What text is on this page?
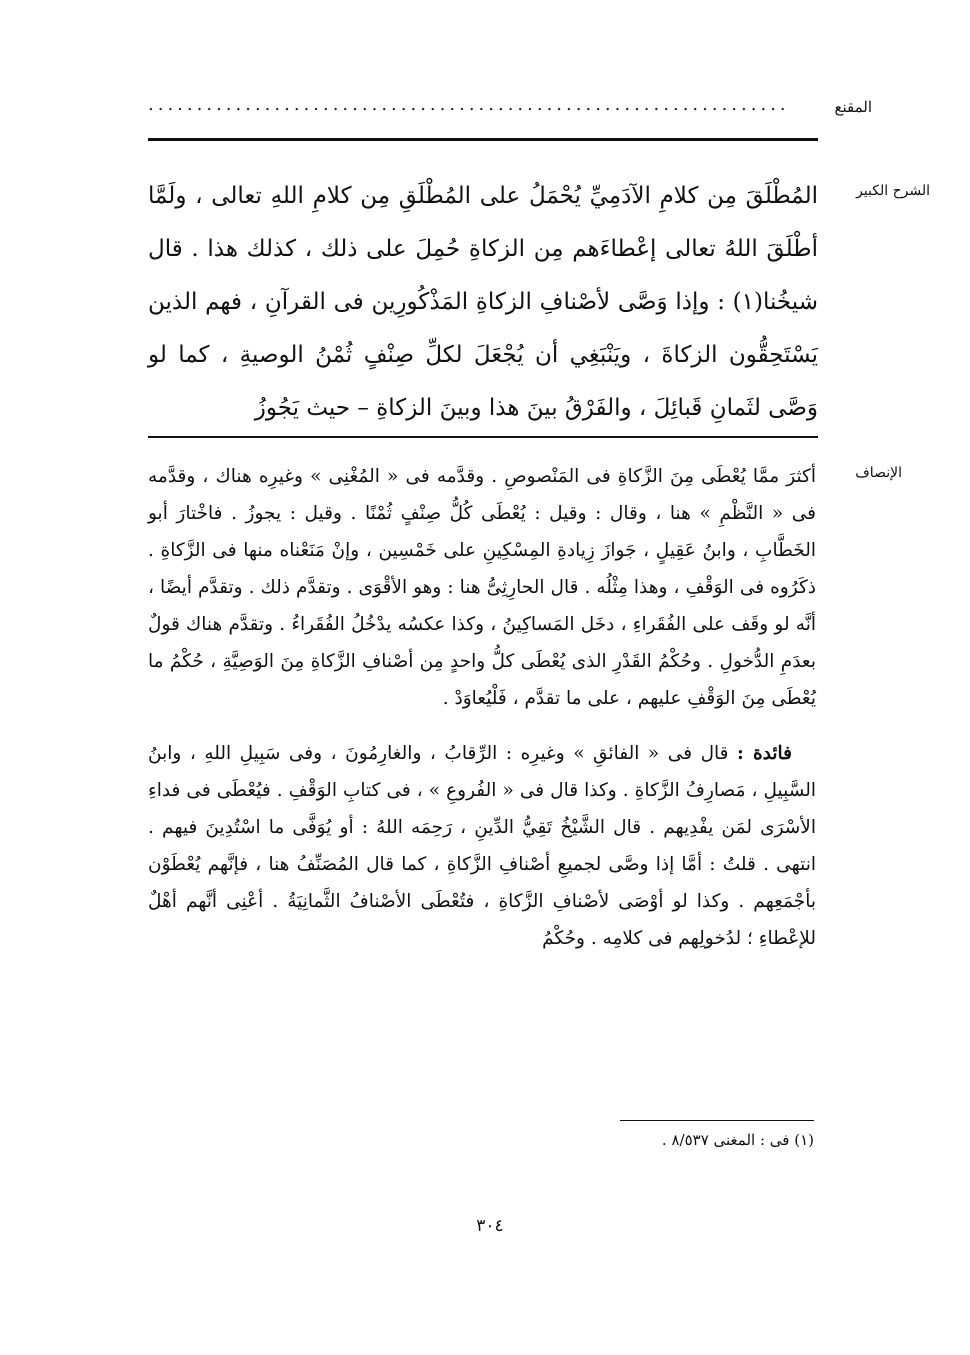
المقنع
..................................................................
الشرح الكبير

المُطْلَقَ مِن كلامِ الآدَمِيِّ يُحْمَلُ على المُطْلَقِ مِن كلامِ اللهِ تعالى ، ولَمَّا أطْلَقَ اللهُ تعالى إعْطاءَهم مِن الزكاةِ حُمِلَ على ذلك ، كذلك هذا . قال شيخُنا(١) : وإذا وَصَّى لأصْنافِ الزكاةِ المَذْكُورِين فى القرآنِ ، فهم الذين يَسْتَحِقُّون الزكاةَ ، ويَنْبَغِي أن يُجْعَلَ لكلِّ صِنْفٍ ثُمْنُ الوصيةِ ، كما لو وَصَّى لثَمانِ قَبائِلَ ، والفَرْقُ بينَ هذا وبينَ الزكاةِ – حيث يَجُوزُ

الإنصاف

أكثرَ ممَّا يُعْطَى مِنَ الزَّكاةِ فى المَنْصوصِ . وقدَّمه فى « المُغْنِى » وغيرِه هناك ، وقدَّمه فى « النَّظْمِ » هنا ، وقال : وقيل : يُعْطَى كُلُّ صِنْفٍ ثُمْنًا . وقيل : يجوزُ . فاخْتارَ أبو الخَطَّابِ ، وابنُ عَقِيلٍ ، جَوازَ زِيادةِ المِسْكِينِ على خَمْسِين ، وإنْ مَنَعْناه منها فى الزَّكاةِ . ذكَرُوه فى الوَقْفِ ، وهذا مِثْلُه . قال الحارِثِىُّ هنا : وهو الأقْوَى . وتقدَّم ذلك . وتقدَّم أيضًا ، أنَّه لو وقَف على الفُقَراءِ ، دخَل المَساكِينُ ، وكذا عكسُه يدْخُلُ الفُقَراءُ . وتقدَّم هناك قولٌ بعدَمِ الدُّخولِ . وحُكْمُ القَدْرِ الذى يُعْطَى كلُّ واحدٍ مِن أصْنافِ الزَّكاةِ مِنَ الوَصِيَّةِ ، حُكْمُ ما يُعْطَى مِنَ الوَقْفِ عليهم ، على ما تقدَّم ، فَلْيُعاوَدْ .

فائدة : قال فى « الفائقِ » وغيرِه : الرِّقابُ ، والغارِمُونَ ، وفى سَبِيلِ اللهِ ، وابنُ السَّبِيلِ ، مَصارِفُ الزَّكاةِ . وكذا قال فى « الفُروعِ » ، فى كتابِ الوَقْفِ . فيُعْطَى فى فداءِ الأسْرَى لمَن يفْدِيهم . قال الشَّيْخُ تَقِيُّ الدِّينِ ، رَحِمَه اللهُ : أو يُوَفَّى ما اسْتُدِينَ فيهم . انتهى . قلتُ : أمَّا إذا وصَّى لجميعِ أصْنافِ الزَّكاةِ ، كما قال المُصَنِّفُ هنا ، فإنَّهم يُعْطَوْن بأجْمَعِهم . وكذا لو أوْصَى لأصْنافِ الزَّكاةِ ، فتُعْطَى الأصْنافُ الثَّمانِيَةُ . أعْنِى أنَّهم أهْلٌ للإعْطاءِ ؛ لدُخولِهم فى كلامِه . وحُكْمُ

(١) فى : المغنى ٨/٥٣٧ .
٣٠٤
